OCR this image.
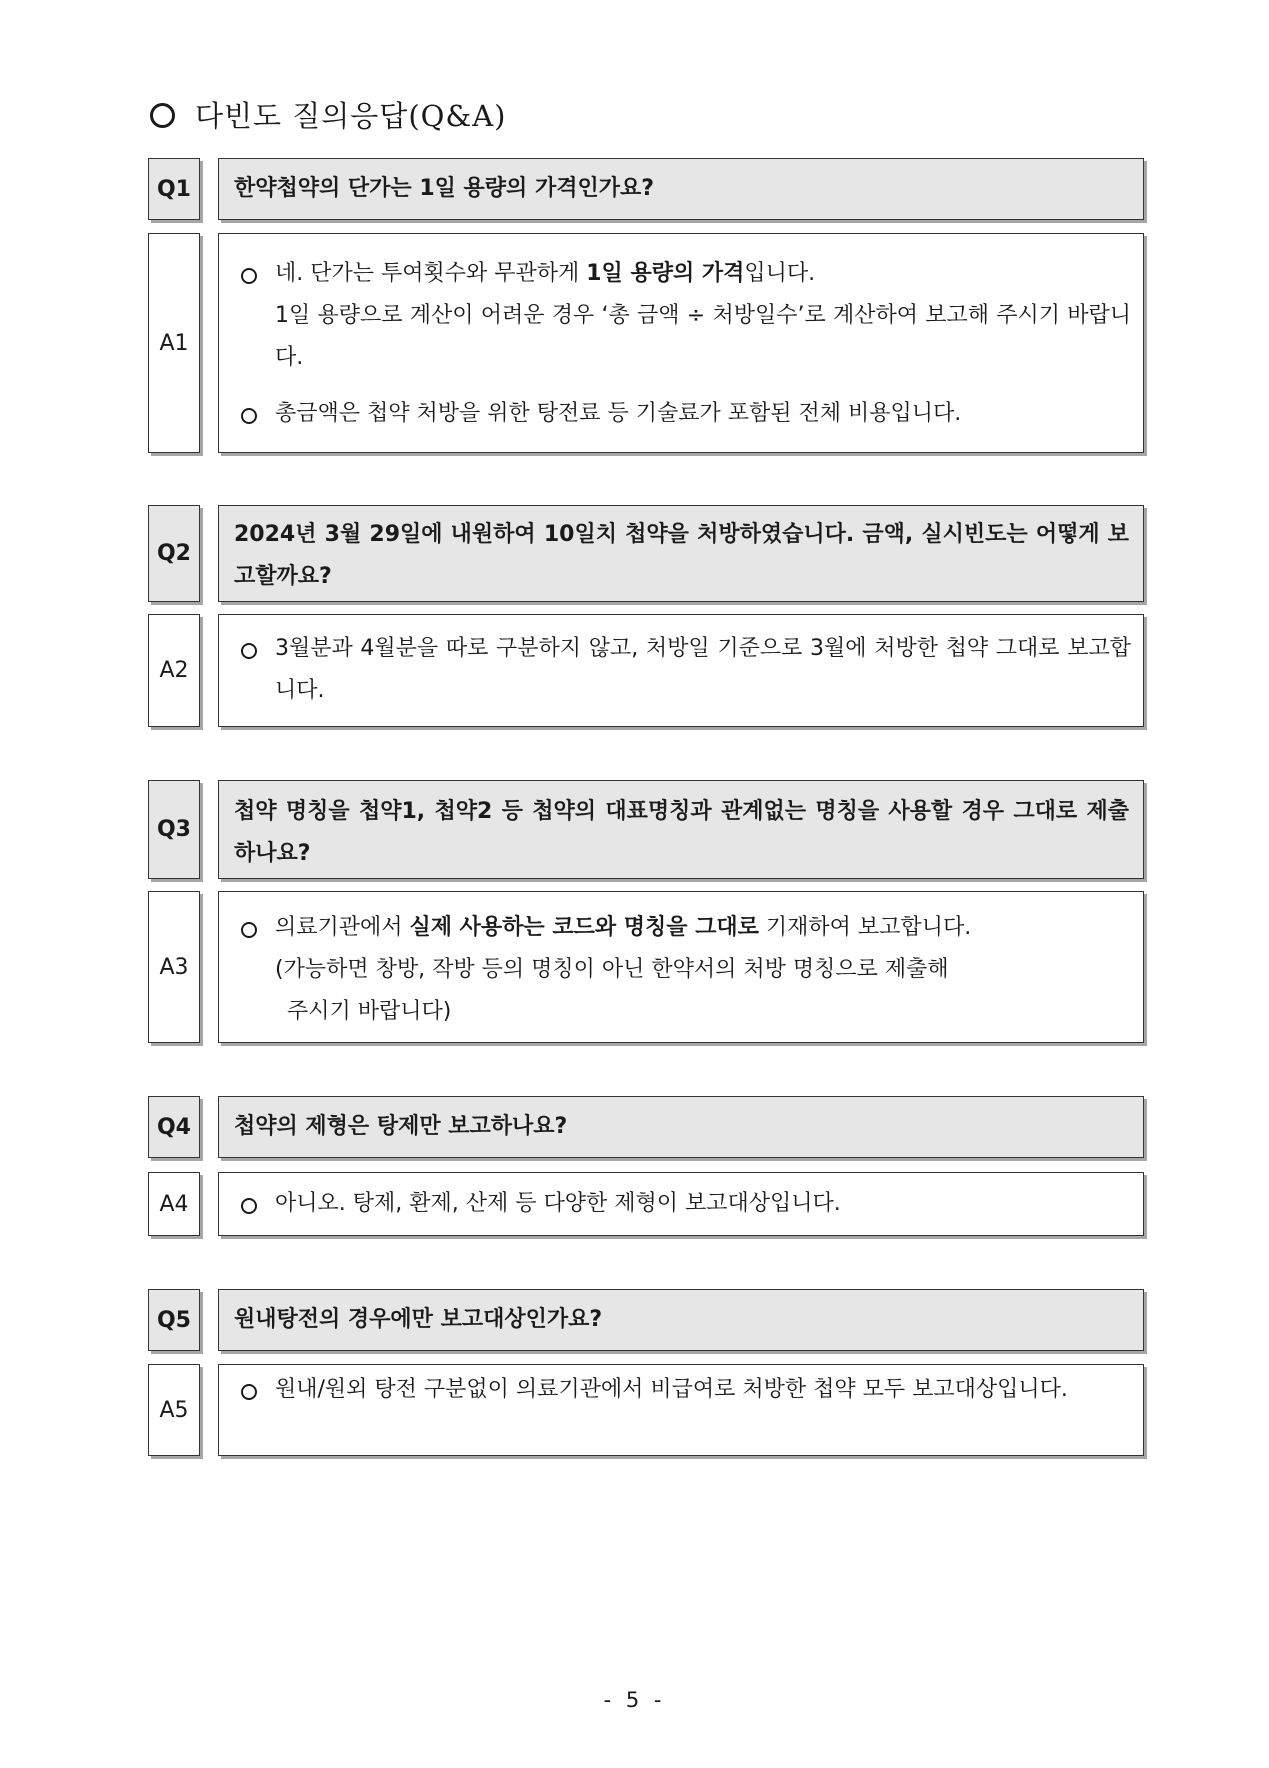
다빈도 질의응답(Q&A)
Q1	한약첩약의 단가는 1일 용량의 가격인가요?
A1
네. 단가는 투여횟수와 무관하게 1일 용량의 가격입니다.
1일 용량으로 계산이 어려운 경우 ‘총 금액 ÷ 처방일수’로 계산하여 보고해 주시기 바랍니다.
총금액은 첩약 처방을 위한 탕전료 등 기술료가 포함된 전체 비용입니다.
Q2
2024년 3월 29일에 내원하여 10일치 첩약을 처방하였습니다. 금액, 실시빈도는 어떻게 보고할까요?
A2
3월분과 4월분을 따로 구분하지 않고, 처방일 기준으로 3월에 처방한 첩약 그대로 보고합니다.
Q3
첩약 명칭을 첩약1, 첩약2 등 첩약의 대표명칭과 관계없는 명칭을 사용할 경우 그대로 제출하나요?
A3
의료기관에서 실제 사용하는 코드와 명칭을 그대로 기재하여 보고합니다.

(가능하면 창방, 작방 등의 명칭이 아닌 한약서의 처방 명칭으로 제출해
주시기 바랍니다)
Q4	첩약의 제형은 탕제만 보고하나요?
A4	아니오. 탕제, 환제, 산제 등 다양한 제형이 보고대상입니다.
Q5	원내탕전의 경우에만 보고대상인가요?
A5
원내/원외 탕전 구분없이 의료기관에서 비급여로 처방한 첩약 모두 보고대상입니다.
- 5 -
